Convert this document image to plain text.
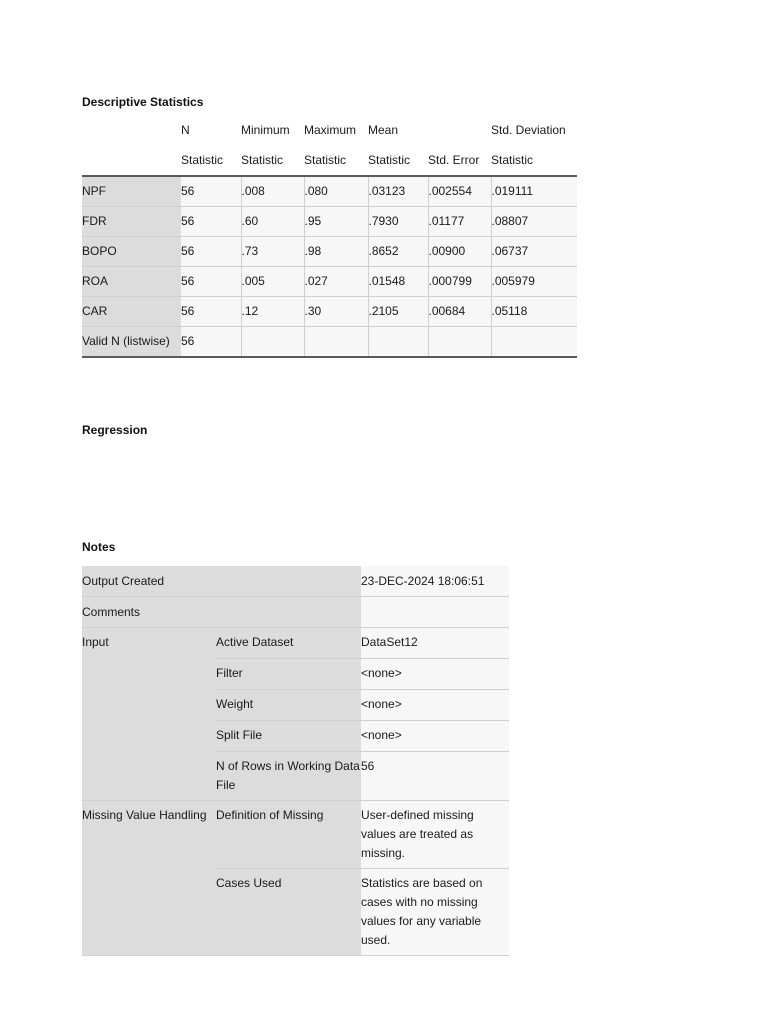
Descriptive Statistics
	N	Minimum	Maximum	Mean		Std. Deviation
	Statistic	Statistic	Statistic	Statistic	Std. Error	Statistic
NPF	56	.008	.080	.03123	.002554	.019111
FDR	56	.60	.95	.7930	.01177	.08807
BOPO	56	.73	.98	.8652	.00900	.06737
ROA	56	.005	.027	.01548	.000799	.005979
CAR	56	.12	.30	.2105	.00684	.05118
Valid N (listwise)	56					
Regression
Notes
Output Created		23-DEC-2024 18:06:51
Comments		
Input	Active Dataset	DataSet12
	Filter	<none>
	Weight	<none>
	Split File	<none>
	N of Rows in Working Data File	56
Missing Value Handling	Definition of Missing	User-defined missing values are treated as missing.
	Cases Used	Statistics are based on cases with no missing values for any variable used.
